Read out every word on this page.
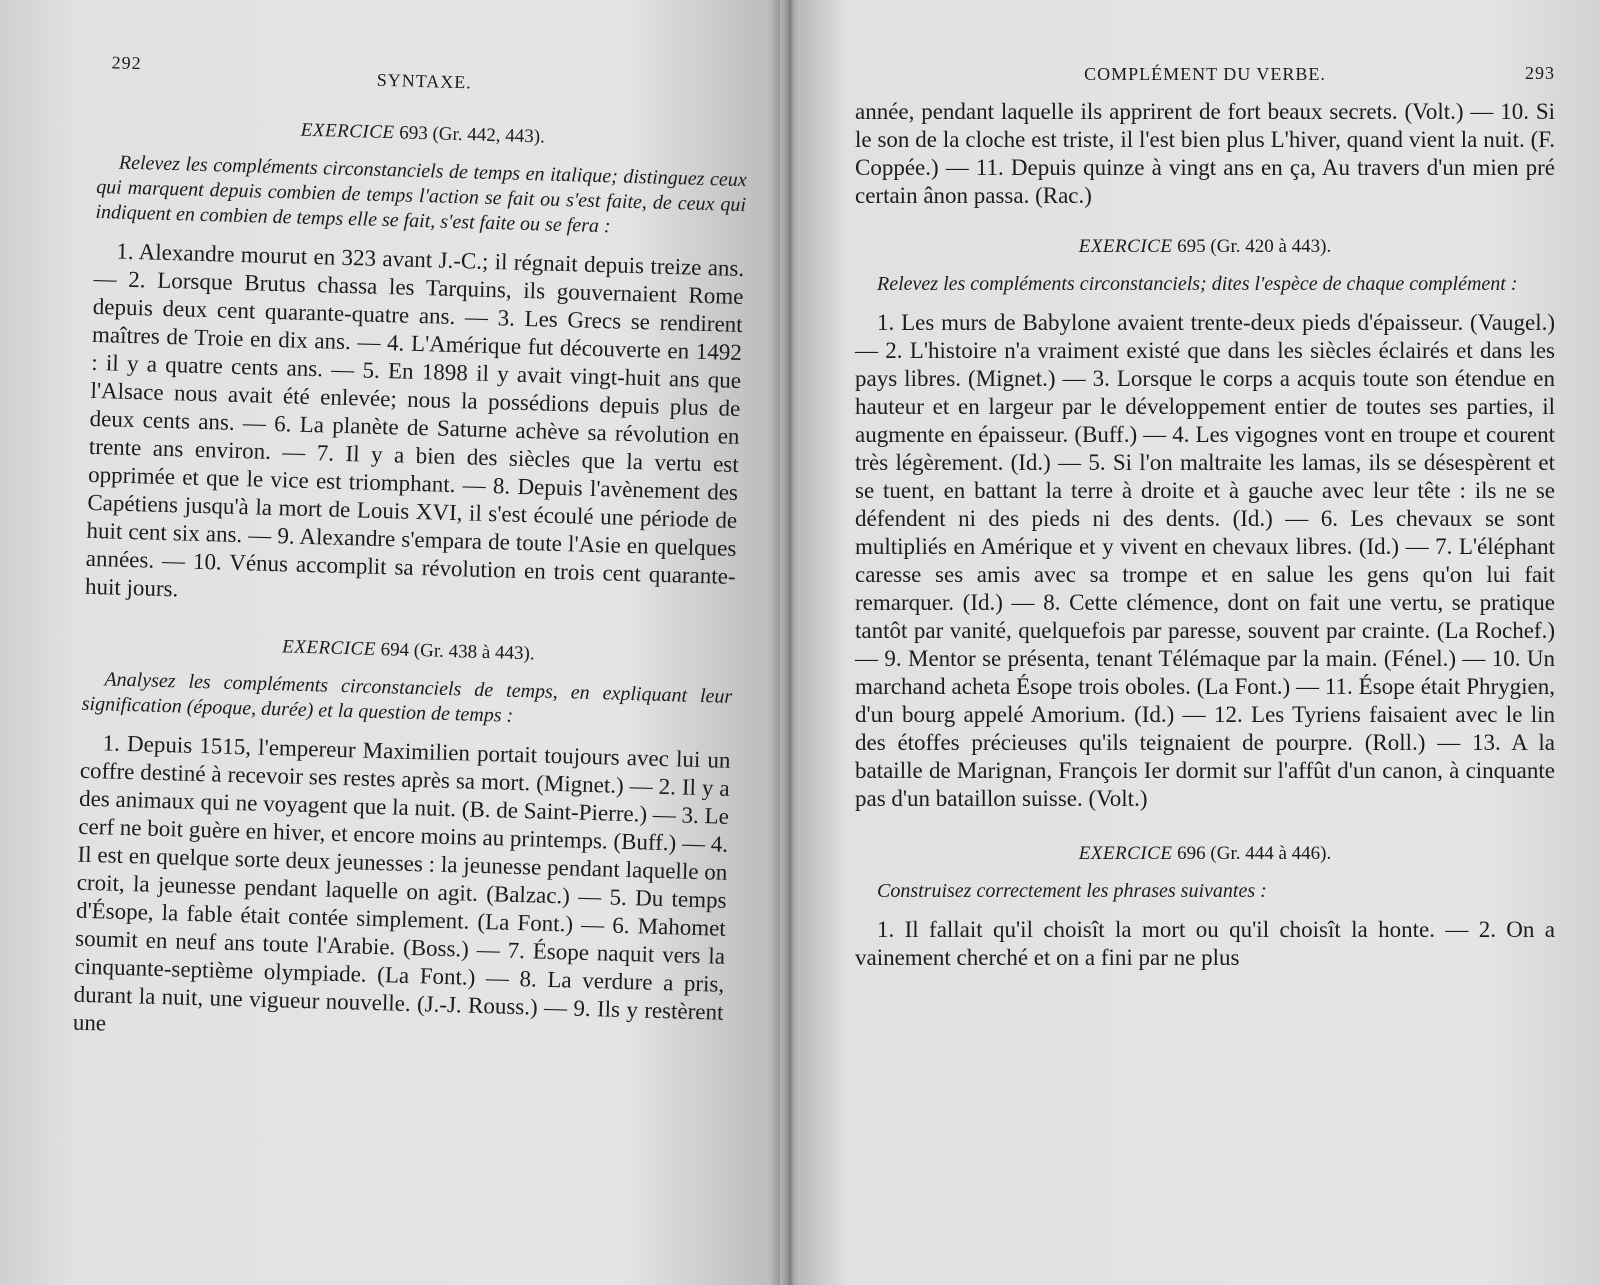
292
SYNTAXE.
EXERCICE 693 (Gr. 442, 443).

Relevez les compléments circonstanciels de temps en italique; distinguez ceux qui marquent depuis combien de temps l'action se fait ou s'est faite, de ceux qui indiquent en combien de temps elle se fait, s'est faite ou se fera :

1. Alexandre mourut en 323 avant J.-C.; il régnait depuis treize ans. — 2. Lorsque Brutus chassa les Tarquins, ils gouvernaient Rome depuis deux cent quarante-quatre ans. — 3. Les Grecs se rendirent maîtres de Troie en dix ans. — 4. L'Amérique fut découverte en 1492 : il y a quatre cents ans. — 5. En 1898 il y avait vingt-huit ans que l'Alsace nous avait été enlevée; nous la possédions depuis plus de deux cents ans. — 6. La planète de Saturne achève sa révolution en trente ans environ. — 7. Il y a bien des siècles que la vertu est opprimée et que le vice est triomphant. — 8. Depuis l'avènement des Capétiens jusqu'à la mort de Louis XVI, il s'est écoulé une période de huit cent six ans. — 9. Alexandre s'empara de toute l'Asie en quelques années. — 10. Vénus accomplit sa révolution en trois cent quarante-huit jours.

EXERCICE 694 (Gr. 438 à 443).

Analysez les compléments circonstanciels de temps, en expliquant leur signification (époque, durée) et la question de temps :

1. Depuis 1515, l'empereur Maximilien portait toujours avec lui un coffre destiné à recevoir ses restes après sa mort. (Mignet.) — 2. Il y a des animaux qui ne voyagent que la nuit. (B. de Saint-Pierre.) — 3. Le cerf ne boit guère en hiver, et encore moins au printemps. (Buff.) — 4. Il est en quelque sorte deux jeunesses : la jeunesse pendant laquelle on croit, la jeunesse pendant laquelle on agit. (Balzac.) — 5. Du temps d'Ésope, la fable était contée simplement. (La Font.) — 6. Mahomet soumit en neuf ans toute l'Arabie. (Boss.) — 7. Ésope naquit vers la cinquante-septième olympiade. (La Font.) — 8. La verdure a pris, durant la nuit, une vigueur nouvelle. (J.-J. Rouss.) — 9. Ils y restèrent une

COMPLÉMENT DU VERBE.	293

année, pendant laquelle ils apprirent de fort beaux secrets. (Volt.) — 10. Si le son de la cloche est triste, il l'est bien plus L'hiver, quand vient la nuit. (F. Coppée.) — 11. Depuis quinze à vingt ans en ça, Au travers d'un mien pré certain ânon passa. (Rac.)

EXERCICE 695 (Gr. 420 à 443).

Relevez les compléments circonstanciels; dites l'espèce de chaque complément :

1. Les murs de Babylone avaient trente-deux pieds d'épaisseur. (Vaugel.) — 2. L'histoire n'a vraiment existé que dans les siècles éclairés et dans les pays libres. (Mignet.) — 3. Lorsque le corps a acquis toute son étendue en hauteur et en largeur par le développement entier de toutes ses parties, il augmente en épaisseur. (Buff.) — 4. Les vigognes vont en troupe et courent très légèrement. (Id.) — 5. Si l'on maltraite les lamas, ils se désespèrent et se tuent, en battant la terre à droite et à gauche avec leur tête : ils ne se défendent ni des pieds ni des dents. (Id.) — 6. Les chevaux se sont multipliés en Amérique et y vivent en chevaux libres. (Id.) — 7. L'éléphant caresse ses amis avec sa trompe et en salue les gens qu'on lui fait remarquer. (Id.) — 8. Cette clémence, dont on fait une vertu, se pratique tantôt par vanité, quelquefois par paresse, souvent par crainte. (La Rochef.) — 9. Mentor se présenta, tenant Télémaque par la main. (Fénel.) — 10. Un marchand acheta Ésope trois oboles. (La Font.) — 11. Ésope était Phrygien, d'un bourg appelé Amorium. (Id.) — 12. Les Tyriens faisaient avec le lin des étoffes précieuses qu'ils teignaient de pourpre. (Roll.) — 13. A la bataille de Marignan, François Ier dormit sur l'affût d'un canon, à cinquante pas d'un bataillon suisse. (Volt.)

EXERCICE 696 (Gr. 444 à 446).

Construisez correctement les phrases suivantes :

1. Il fallait qu'il choisît la mort ou qu'il choisît la honte. — 2. On a vainement cherché et on a fini par ne plus
